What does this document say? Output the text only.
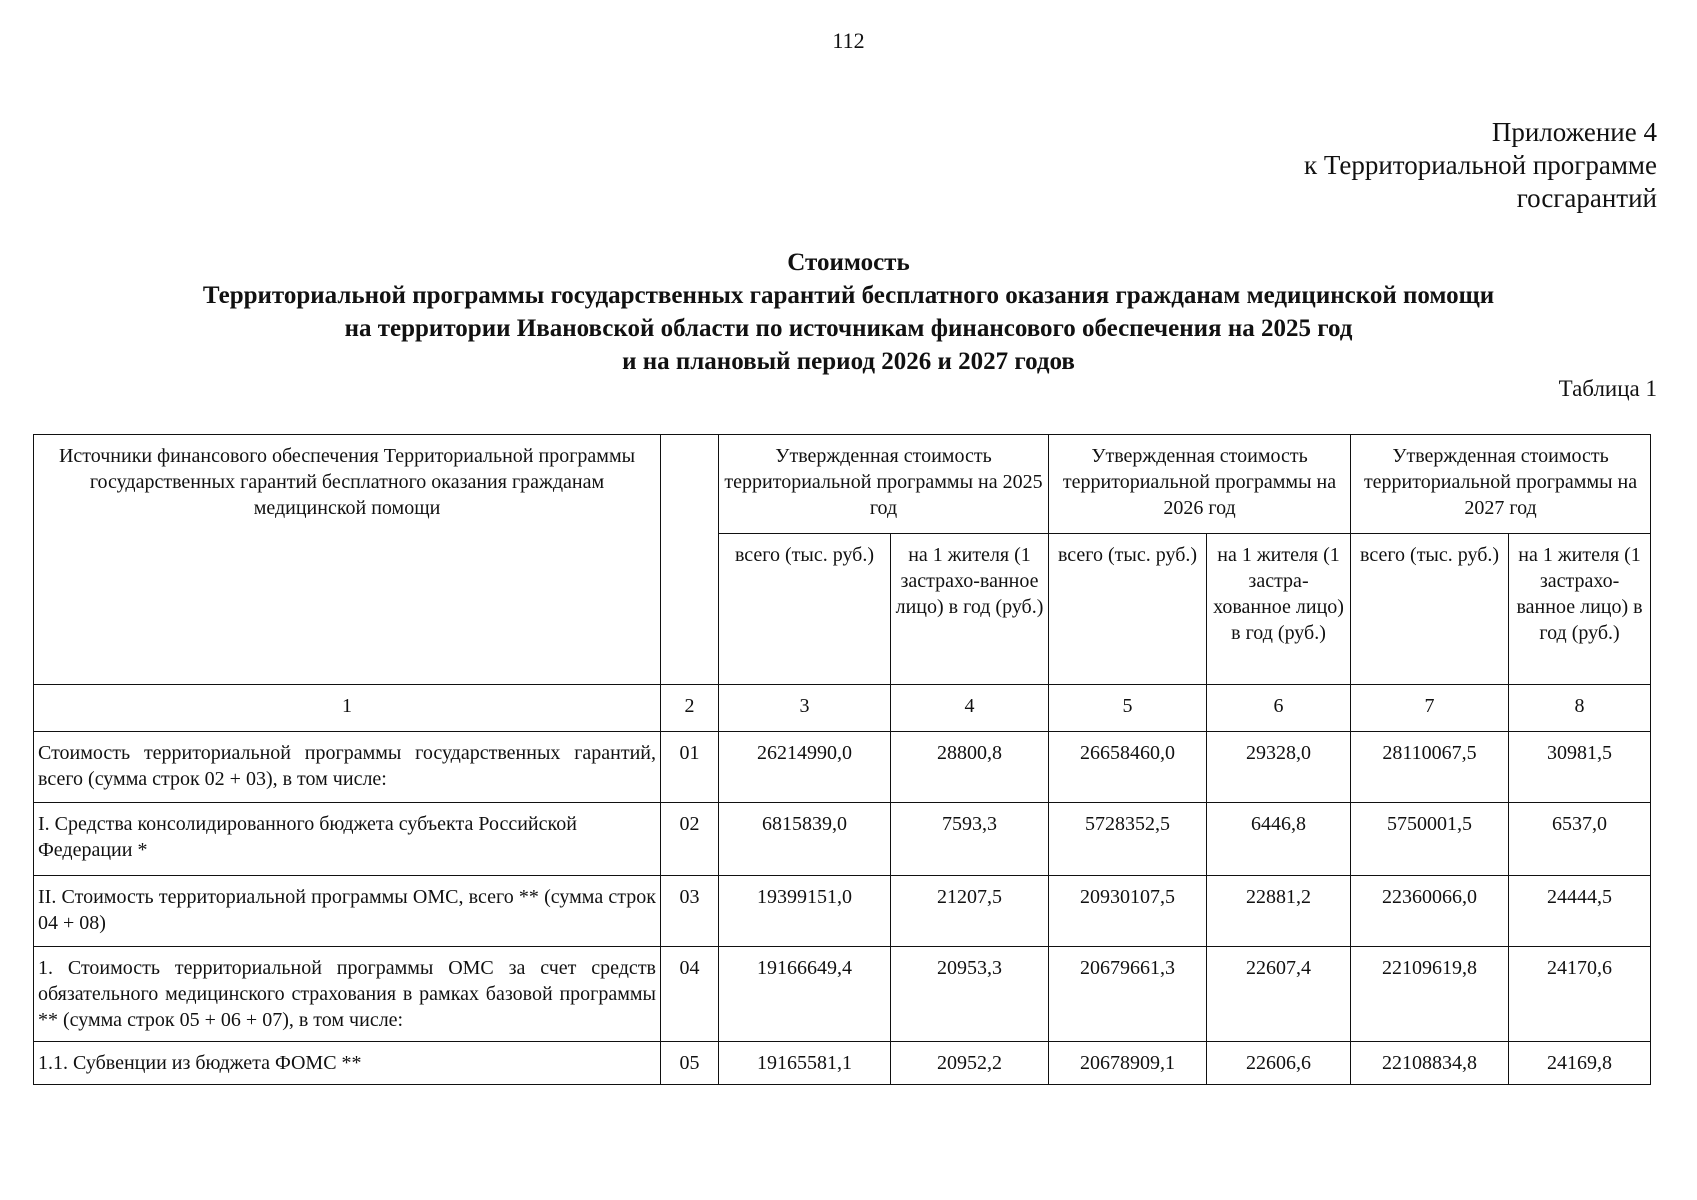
112
Приложение 4
к Территориальной программе
госгарантий
Стоимость
Территориальной программы государственных гарантий бесплатного оказания гражданам медицинской помощи
на территории Ивановской области по источникам финансового обеспечения на 2025 год
и на плановый период 2026 и 2027 годов
Таблица 1
Источники финансового обеспечения Территориальной программы государственных гарантий бесплатного оказания гражданам медицинской помощи		Утвержденная стоимость территориальной программы на 2025 год		Утвержденная стоимость территориальной программы на 2026 год		Утвержденная стоимость территориальной программы на 2027 год	
		всего (тыс. руб.)	на 1 жителя (1 застрахо-ванное лицо) в год (руб.)	всего (тыс. руб.)	на 1 жителя (1 застра-хованное лицо) в год (руб.)	всего (тыс. руб.)	на 1 жителя (1 застрахо-ванное лицо) в год (руб.)
1	2	3	4	5	6	7	8
Стоимость территориальной программы государственных гарантий, всего (сумма строк 02 + 03), в том числе:	01	26214990,0	28800,8	26658460,0	29328,0	28110067,5	30981,5
I. Средства консолидированного бюджета субъекта Российской Федерации *	02	6815839,0	7593,3	5728352,5	6446,8	5750001,5	6537,0
II. Стоимость территориальной программы ОМС, всего ** (сумма строк 04 + 08)	03	19399151,0	21207,5	20930107,5	22881,2	22360066,0	24444,5
1. Стоимость территориальной программы ОМС за счет средств обязательного медицинского страхования в рамках базовой программы ** (сумма строк 05 + 06 + 07), в том числе:	04	19166649,4	20953,3	20679661,3	22607,4	22109619,8	24170,6
1.1. Субвенции из бюджета ФОМС **	05	19165581,1	20952,2	20678909,1	22606,6	22108834,8	24169,8
